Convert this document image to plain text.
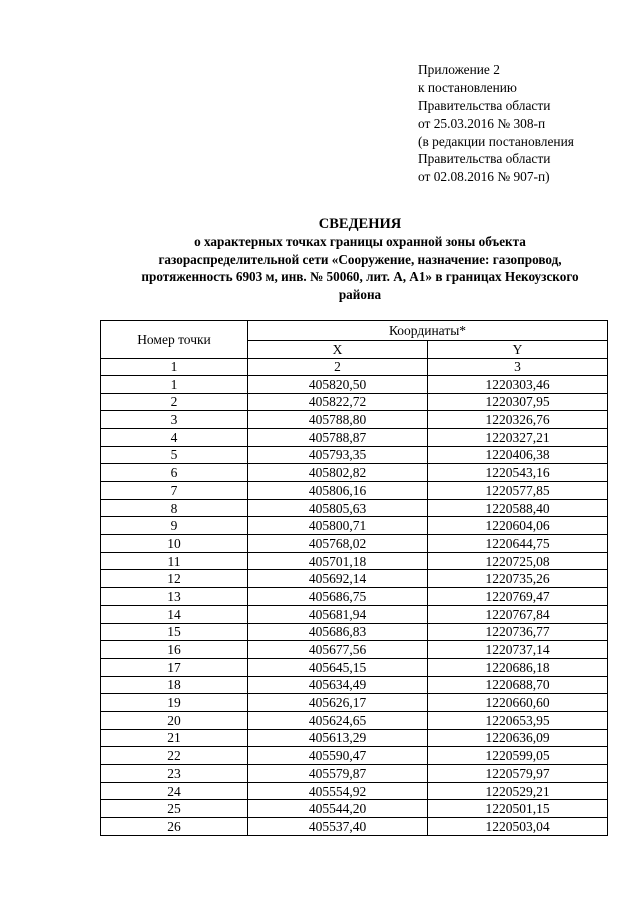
Приложение 2
к постановлению
Правительства области
от 25.03.2016 № 308-п
(в редакции постановления
Правительства области
от 02.08.2016 № 907-п)
СВЕДЕНИЯ
о характерных точках границы охранной зоны объекта
газораспределительной сети «Сооружение, назначение: газопровод,
протяженность 6903 м, инв. № 50060, лит. А, А1» в границах Некоузского
района
Номер точки	Координаты*	
	X	Y
1	2	3
1	405820,50	1220303,46
2	405822,72	1220307,95
3	405788,80	1220326,76
4	405788,87	1220327,21
5	405793,35	1220406,38
6	405802,82	1220543,16
7	405806,16	1220577,85
8	405805,63	1220588,40
9	405800,71	1220604,06
10	405768,02	1220644,75
11	405701,18	1220725,08
12	405692,14	1220735,26
13	405686,75	1220769,47
14	405681,94	1220767,84
15	405686,83	1220736,77
16	405677,56	1220737,14
17	405645,15	1220686,18
18	405634,49	1220688,70
19	405626,17	1220660,60
20	405624,65	1220653,95
21	405613,29	1220636,09
22	405590,47	1220599,05
23	405579,87	1220579,97
24	405554,92	1220529,21
25	405544,20	1220501,15
26	405537,40	1220503,04
